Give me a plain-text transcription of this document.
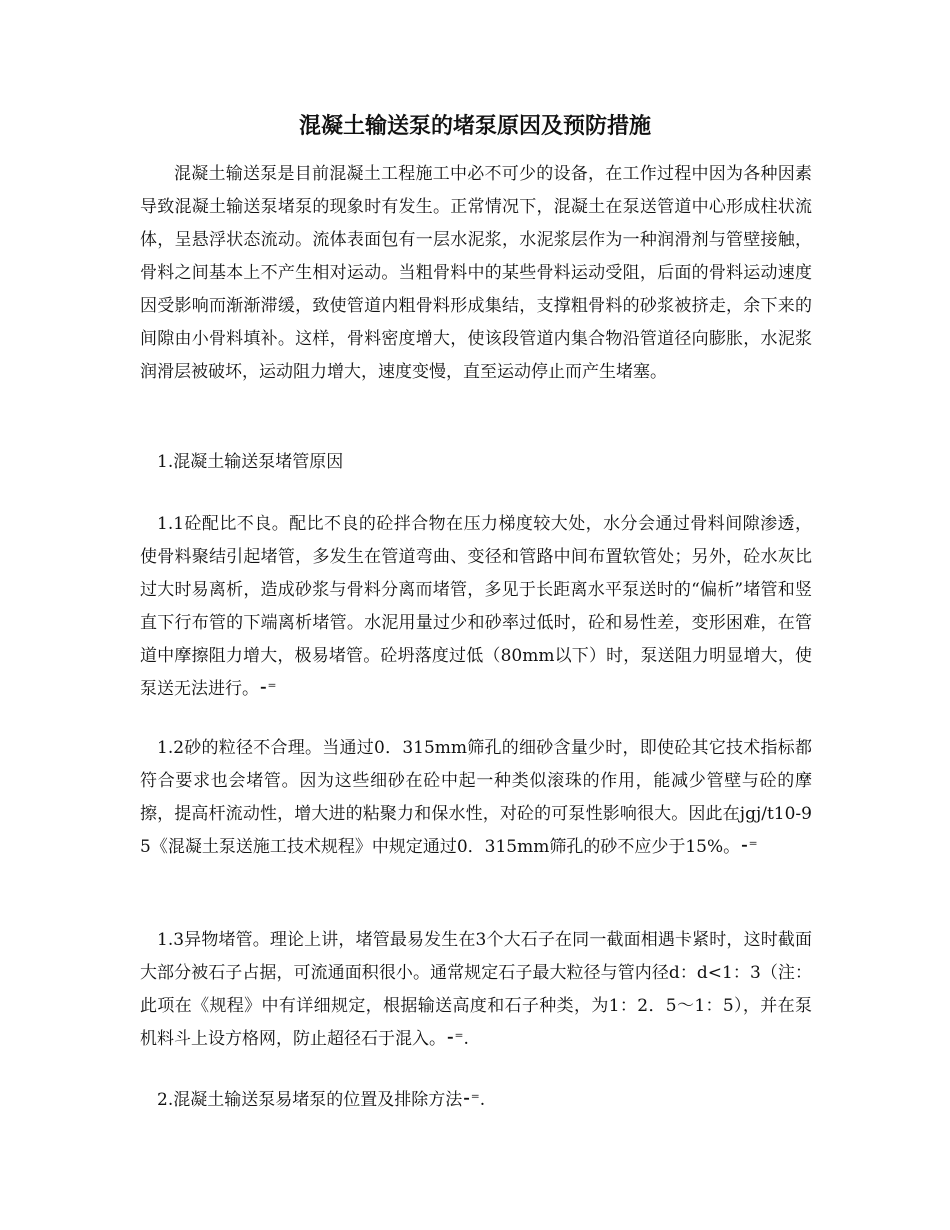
混凝土输送泵的堵泵原因及预防措施

混凝土输送泵是目前混凝土工程施工中必不可少的设备，在工作过程中因为各种因素导致混凝土输送泵堵泵的现象时有发生。正常情况下，混凝土在泵送管道中心形成柱状流体，呈悬浮状态流动。流体表面包有一层水泥浆，水泥浆层作为一种润滑剂与管壁接触，骨料之间基本上不产生相对运动。当粗骨料中的某些骨料运动受阻，后面的骨料运动速度因受影响而渐渐滞缓，致使管道内粗骨料形成集结，支撑粗骨料的砂浆被挤走，余下来的间隙由小骨料填补。这样，骨料密度增大，使该段管道内集合物沿管道径向膨胀，水泥浆润滑层被破坏，运动阻力增大，速度变慢，直至运动停止而产生堵塞。

1.混凝土输送泵堵管原因

1.1砼配比不良。配比不良的砼拌合物在压力梯度较大处，水分会通过骨料间隙渗透，使骨料聚结引起堵管，多发生在管道弯曲、变径和管路中间布置软管处；另外，砼水灰比过大时易离析，造成砂浆与骨料分离而堵管，多见于长距离水平泵送时的“偏析”堵管和竖直下行布管的下端离析堵管。水泥用量过少和砂率过低时，砼和易性差，变形困难，在管道中摩擦阻力增大，极易堵管。砼坍落度过低（80mm以下）时，泵送阻力明显增大，使泵送无法进行。⁃⁼

1.2砂的粒径不合理。当通过0．315mm筛孔的细砂含量少时，即使砼其它技术指标都符合要求也会堵管。因为这些细砂在砼中起一种类似滚珠的作用，能减少管壁与砼的摩擦，提高杆流动性，增大进的粘聚力和保水性，对砼的可泵性影响很大。因此在jgj/t10-95《混凝土泵送施工技术规程》中规定通过0．315mm筛孔的砂不应少于15%。⁃⁼

1.3异物堵管。理论上讲，堵管最易发生在3个大石子在同一截面相遇卡紧时，这时截面大部分被石子占据，可流通面积很小。通常规定石子最大粒径与管内径d：d<1：3（注：此项在《规程》中有详细规定，根据输送高度和石子种类，为1：2．5～1：5），并在泵机料斗上设方格网，防止超径石于混入。⁃⁼.

2.混凝土输送泵易堵泵的位置及排除方法⁃⁼.
